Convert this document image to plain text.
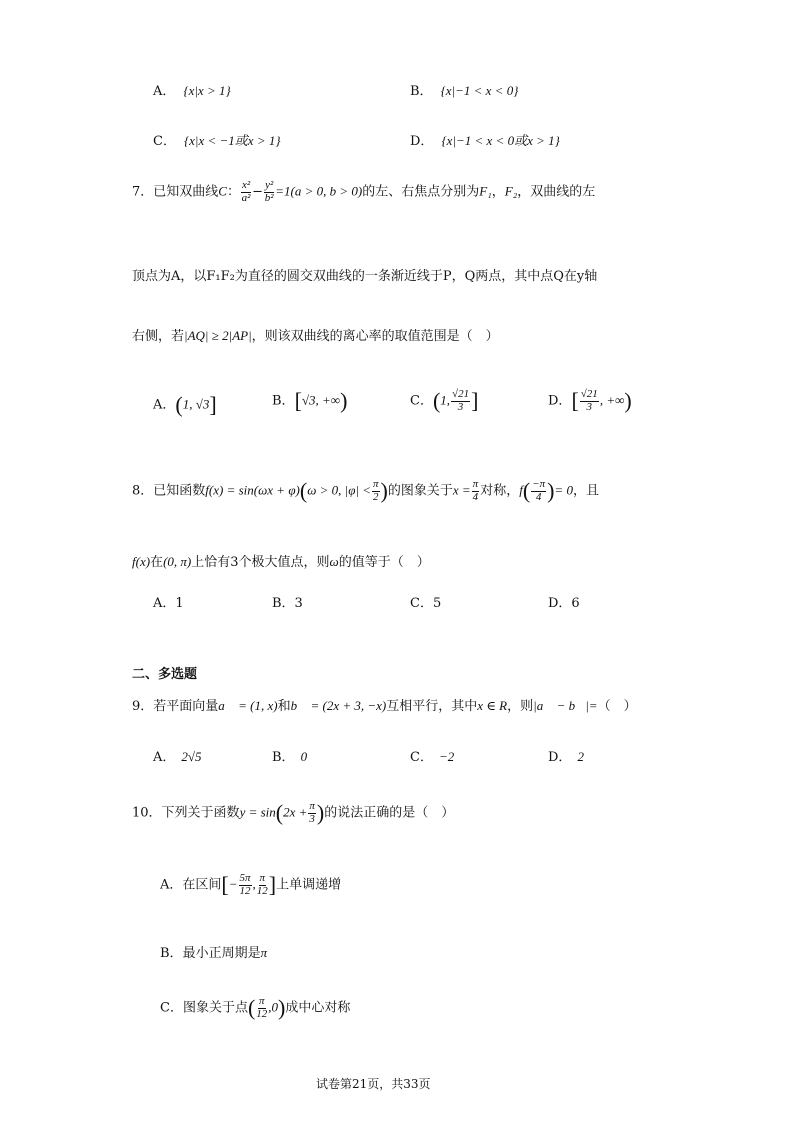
A． {x|x > 1}	B． {x|−1 < x < 0}
C． {x|x < −1或x > 1}	D． {x|−1 < x < 0或x > 1}
7．已知双曲线C： $\frac{\text{x²}}{\text{a²}} - \frac{\text{y²}}{\text{b²}} =1(a > 0$, b > 0)的左、右焦点分别为F₁，F₂，双曲线的左
顶点为A，以F₁F₂为直径的圆交双曲线的一条渐近线于P，Q两点，其中点Q在y轴
右侧，若|AQ| ≥ 2|AP|，则该双曲线的离心率的取值范围是（　）
A．(1, √3]	B．[√3, +∞)	C．(1, $\frac{√21}{3}$ ]	D．[ $\frac{√21}{3}$ , +∞)
8．已知函数f(x) = sin(ωx + φ)(ω > 0, $|\varphi| < \frac{\pi}{2}$ )的图象关于$x = \frac{\pi}{4}$ 对称，$f( \frac{-\pi}{4}$ )= 0，且
f(x)在(0, π)上恰有3个极大值点，则ω的值等于（　）
A．1	B．3	C．5	D．6
二、多选题
9．若平面向量a⃗ = (1, x)和b⃗ = (2x + 3, −x)互相平行，其中x ∈ R，则|a⃗ − b⃗|=（　）
A． 2√5	B． 0	C． −2	D． 2
10．下列关于函数$y = \sin(2x + \frac{\pi}{3}$ )的说法正确的是（　）
A．在区间[− $\frac{5\pi}{12}$ , $\frac{\pi}{12}$ ]上单调递增
B．最小正周期是π
C．图象关于点( $\frac{\pi}{12} ,0$)成中心对称
试卷第21页，共33页
